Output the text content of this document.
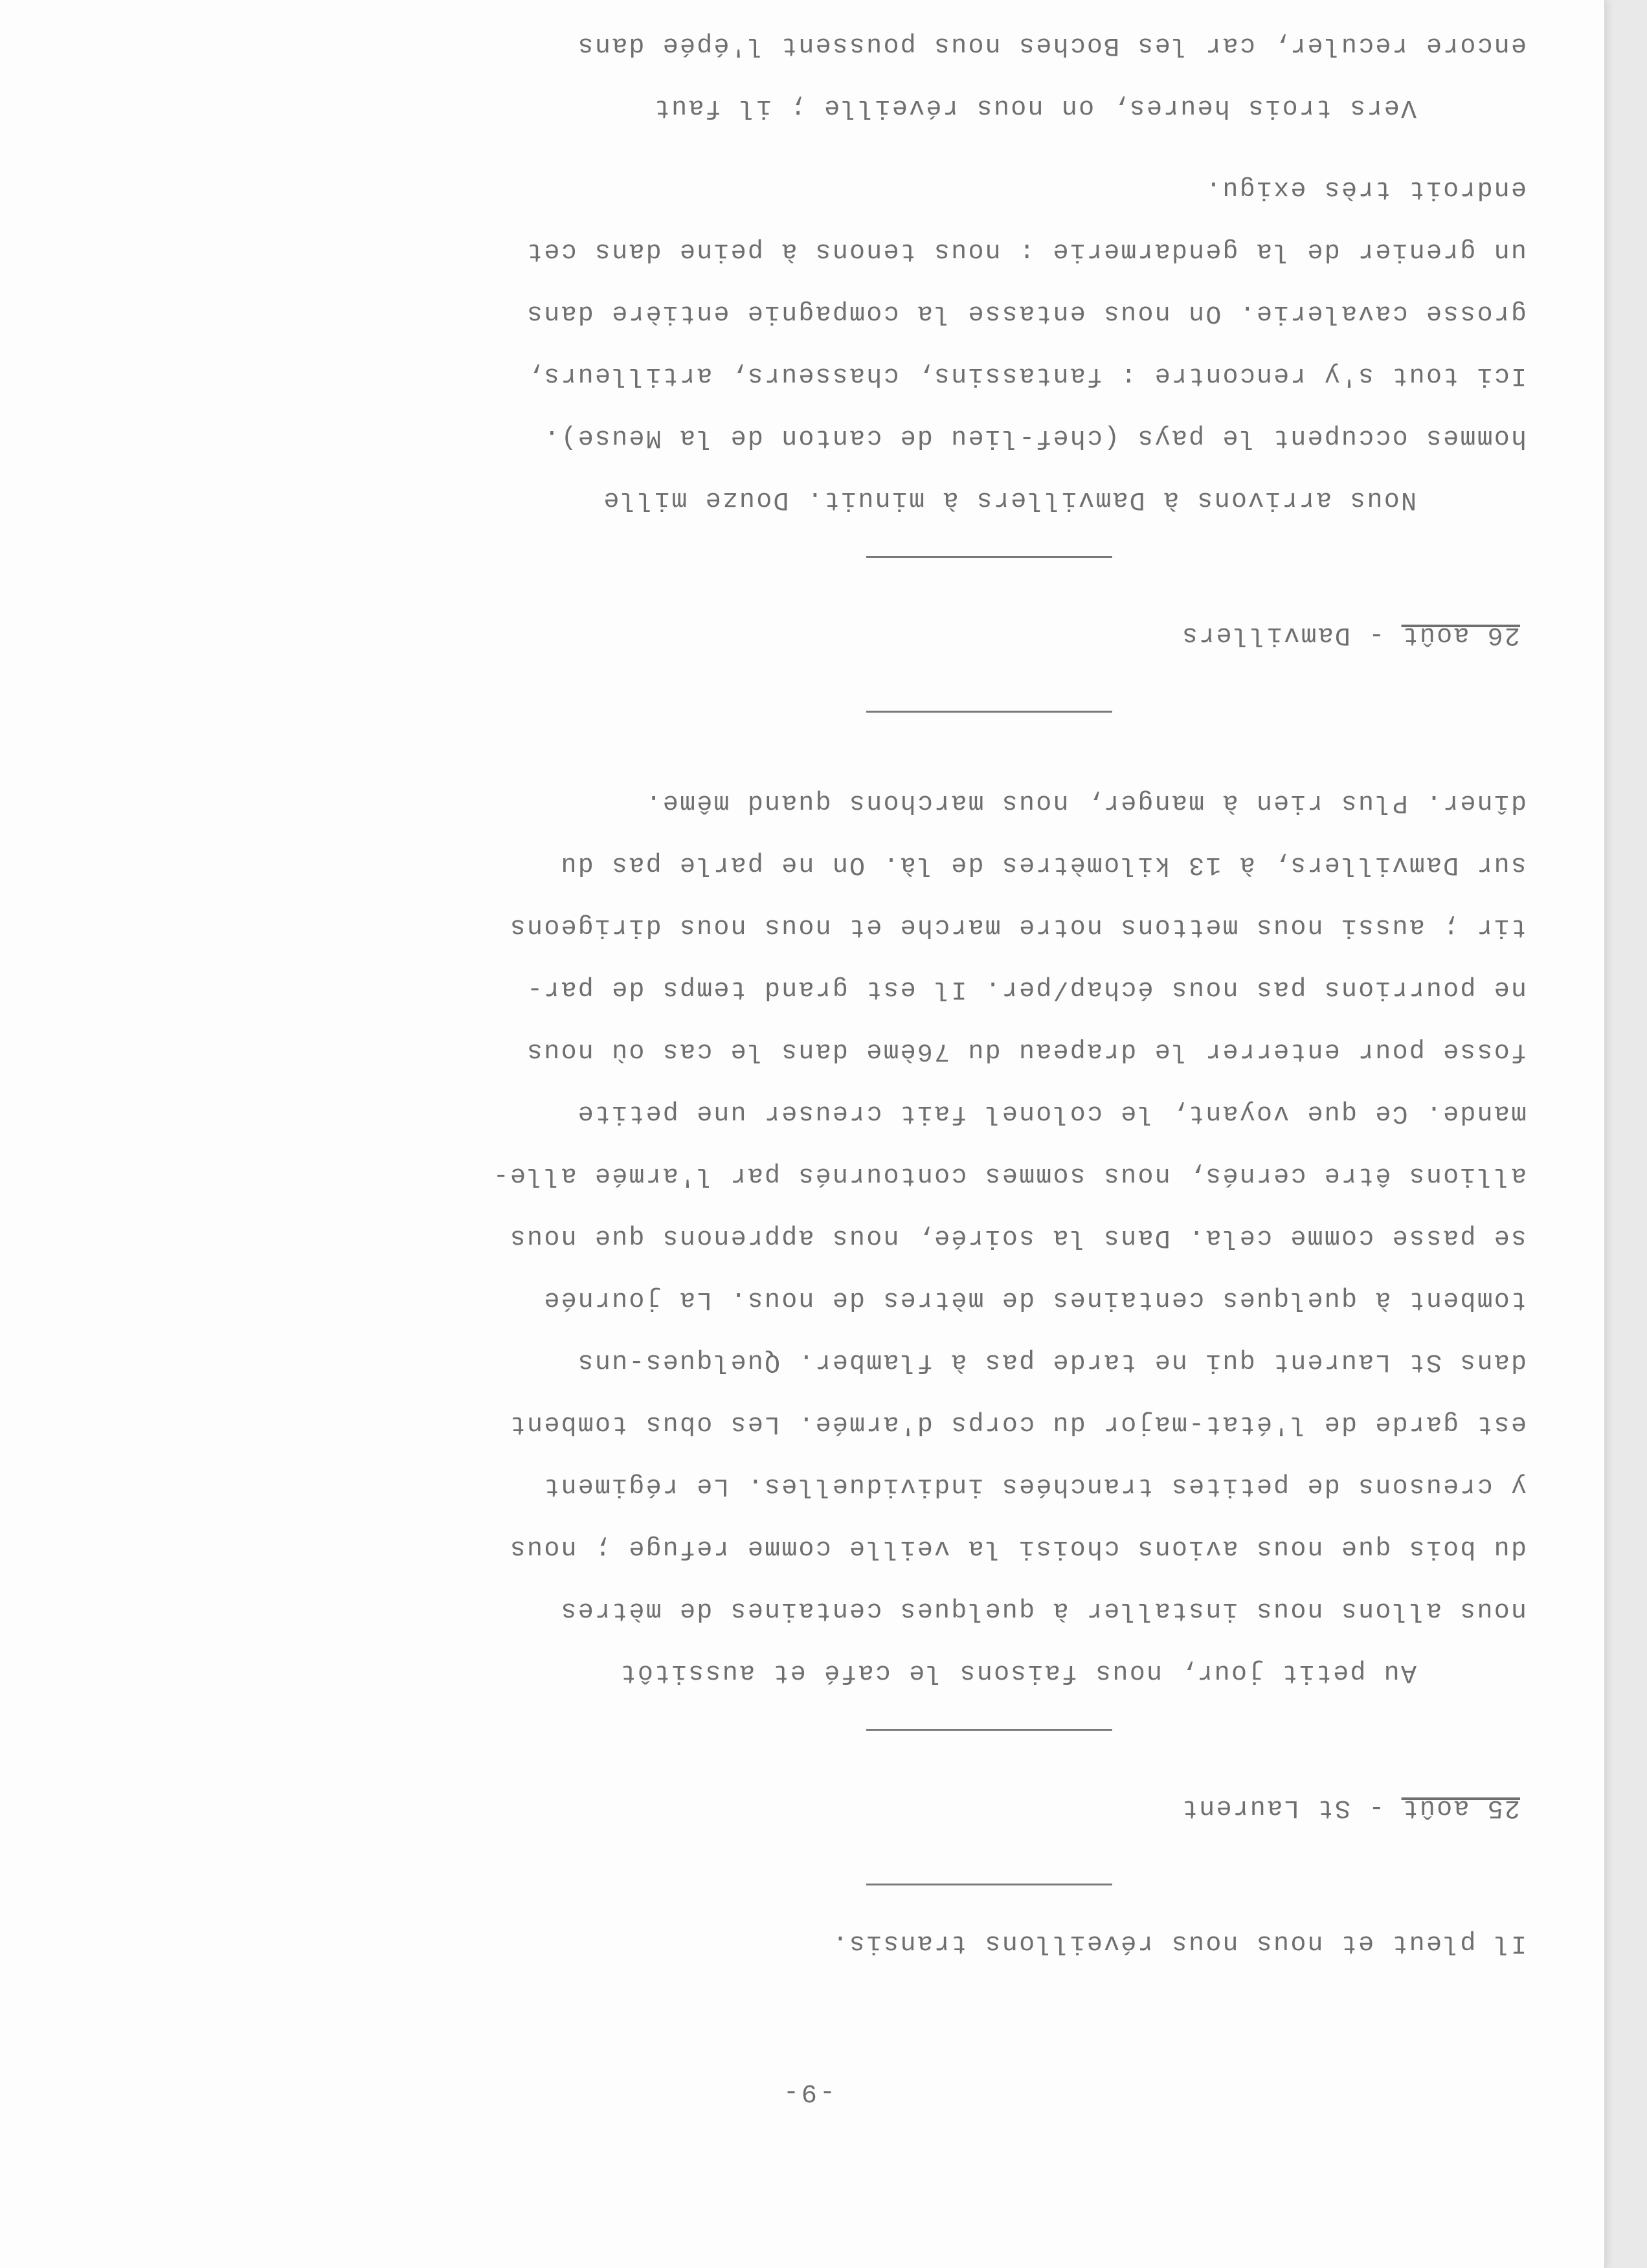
-9-

Il pleut et nous nous réveillons transis.

25 août - St Laurent

Au petit jour, nous faisons le café et aussitôt

nous allons nous installer à quelques centaines de mètres

du bois que nous avions choisi la veille comme refuge ; nous

y creusons de petites tranchées individuelles. Le régiment

est garde de l'état-major du corps d'armée. Les obus tombent

dans St Laurent qui ne tarde pas à flamber. Quelques-uns

tombent à quelques centaines de mètres de nous. La journée

se passe comme cela. Dans la soirée, nous apprenons que nous

allions être cernés, nous sommes contournés par l'armée alle-

mande. Ce que voyant, le colonel fait creuser une petite

fosse pour enterrer le drapeau du 76ème dans le cas où nous

ne pourrions pas nous échap/per. Il est grand temps de par-

tir ; aussi nous mettons notre marche et nous nous dirigeons

sur Damvillers, à 13 kilomètres de là. On ne parle pas du

dîner. Plus rien à manger, nous marchons quand même.

26 août - Damvillers

Nous arrivons à Damvillers à minuit. Douze mille

hommes occupent le pays (chef-lieu de canton de la Meuse).

Ici tout s'y rencontre : fantassins, chasseurs, artilleurs,

grosse cavalerie. On nous entasse la compagnie entière dans

un grenier de la gendarmerie : nous tenons à peine dans cet

endroit très exigu.

Vers trois heures, on nous réveille ; il faut

encore reculer, car les Boches nous poussent l'épée dans
